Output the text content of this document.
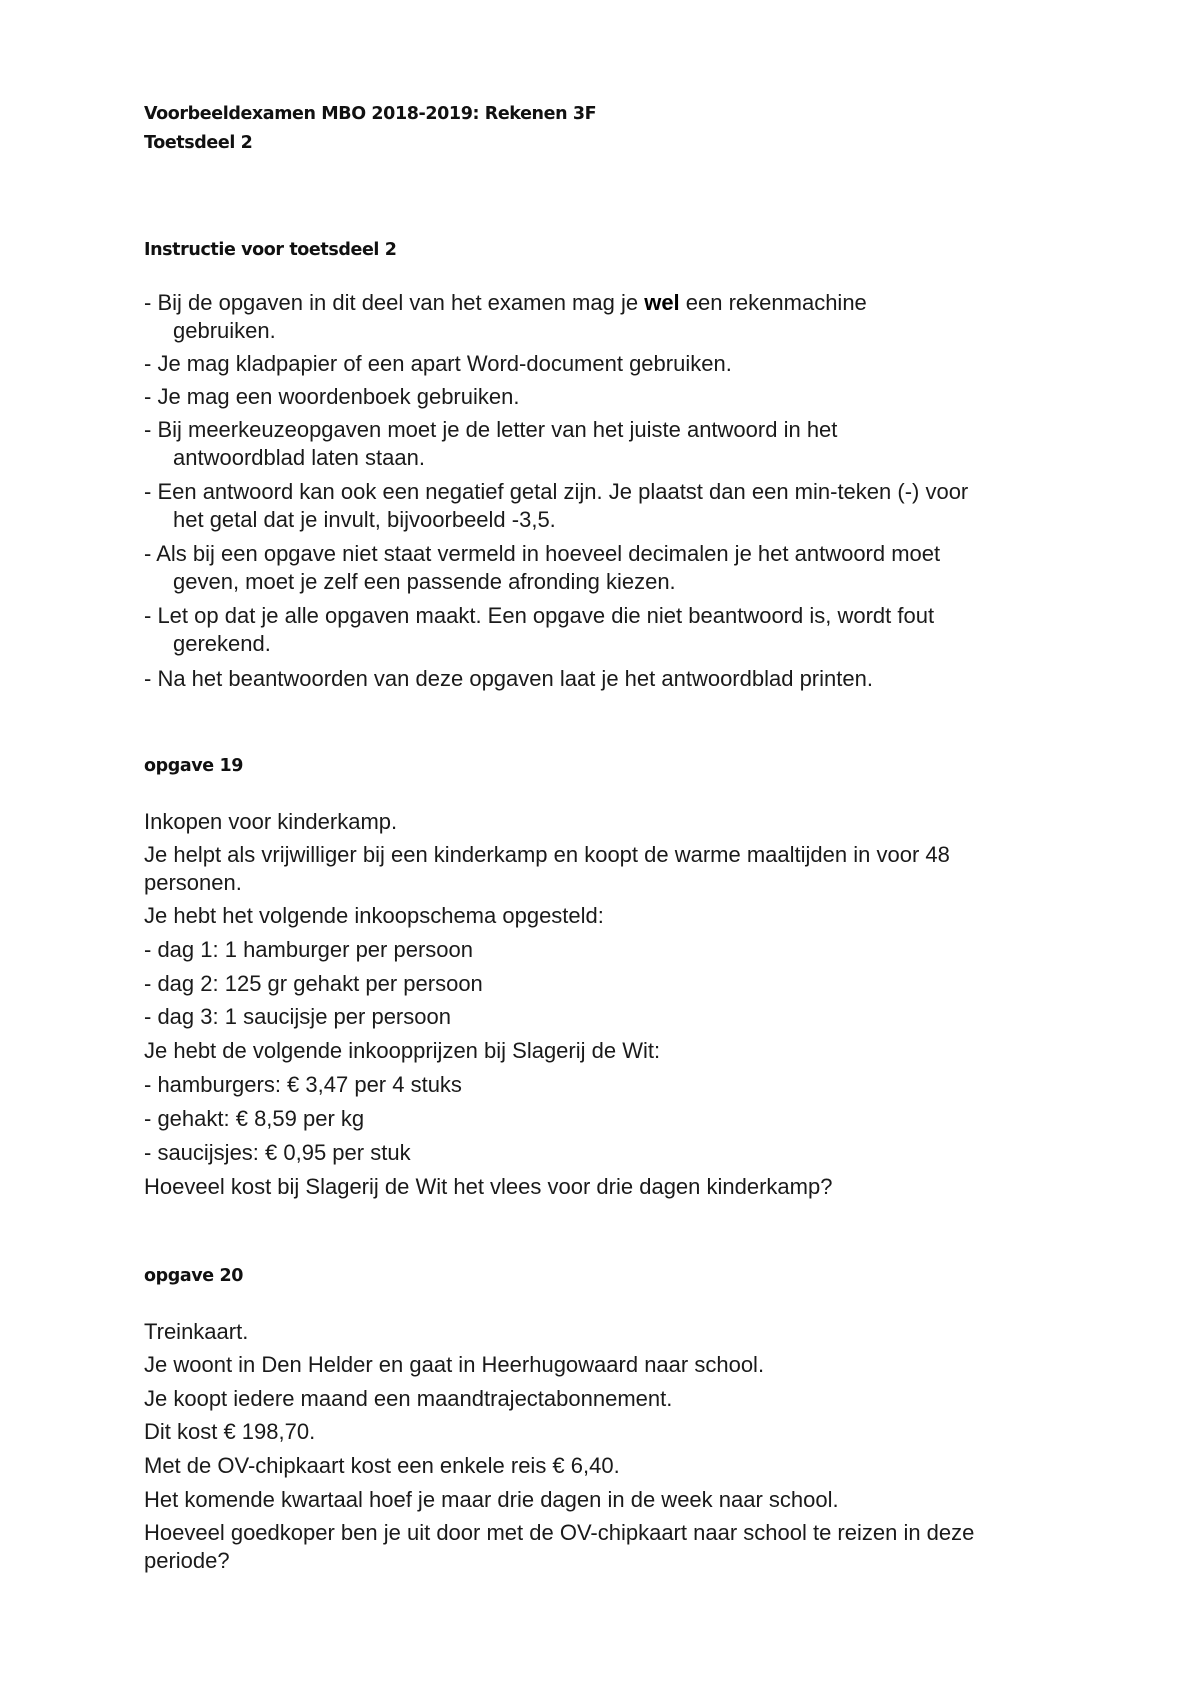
Voorbeeldexamen MBO 2018-2019: Rekenen 3F

Toetsdeel 2

Instructie voor toetsdeel 2

- Bij de opgaven in dit deel van het examen mag je wel een rekenmachine
gebruiken.
- Je mag kladpapier of een apart Word-document gebruiken.
- Je mag een woordenboek gebruiken.
- Bij meerkeuzeopgaven moet je de letter van het juiste antwoord in het
antwoordblad laten staan.
- Een antwoord kan ook een negatief getal zijn. Je plaatst dan een min-teken (-) voor
het getal dat je invult, bijvoorbeeld -3,5.
- Als bij een opgave niet staat vermeld in hoeveel decimalen je het antwoord moet
geven, moet je zelf een passende afronding kiezen.
- Let op dat je alle opgaven maakt. Een opgave die niet beantwoord is, wordt fout
gerekend.
- Na het beantwoorden van deze opgaven laat je het antwoordblad printen.

opgave 19

Inkopen voor kinderkamp.

Je helpt als vrijwilliger bij een kinderkamp en koopt de warme maaltijden in voor 48

personen.

Je hebt het volgende inkoopschema opgesteld:

- dag 1: 1 hamburger per persoon

- dag 2: 125 gr gehakt per persoon

- dag 3: 1 saucijsje per persoon

Je hebt de volgende inkoopprijzen bij Slagerij de Wit:

- hamburgers: € 3,47 per 4 stuks

- gehakt: € 8,59 per kg

- saucijsjes: € 0,95 per stuk

Hoeveel kost bij Slagerij de Wit het vlees voor drie dagen kinderkamp?

opgave 20

Treinkaart.

Je woont in Den Helder en gaat in Heerhugowaard naar school.

Je koopt iedere maand een maandtrajectabonnement.

Dit kost € 198,70.

Met de OV-chipkaart kost een enkele reis € 6,40.

Het komende kwartaal hoef je maar drie dagen in de week naar school.

Hoeveel goedkoper ben je uit door met de OV-chipkaart naar school te reizen in deze

periode?
